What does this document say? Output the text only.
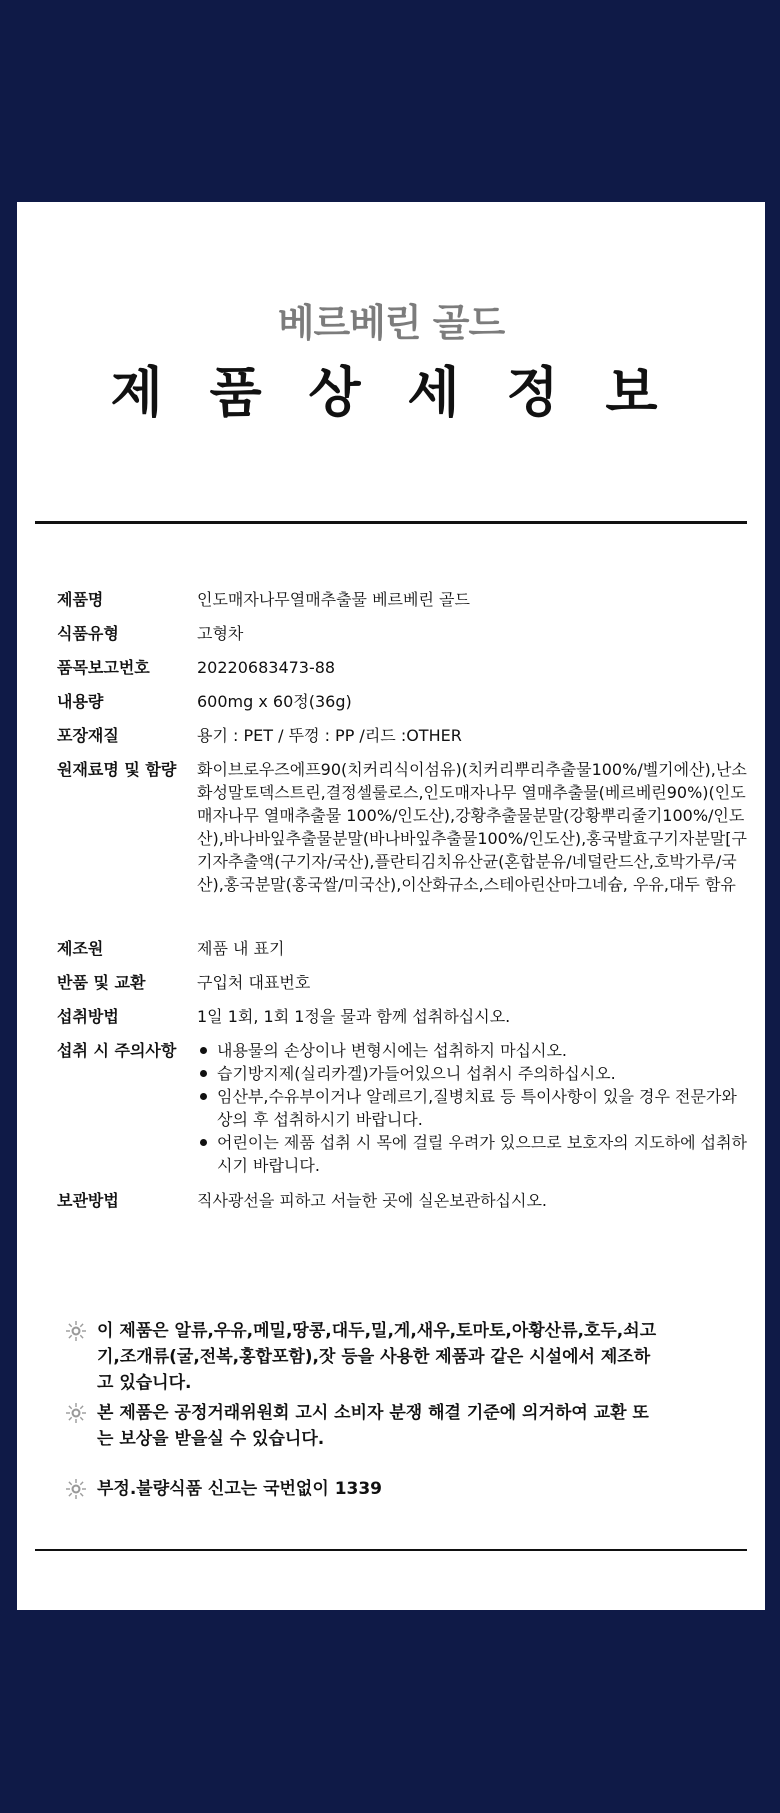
베르베린 골드
제 품 상 세 정 보
제품명	인도매자나무열매추출물 베르베린 골드
식품유형	고형차
품목보고번호	20220683473-88
내용량	600mg x 60정(36g)
포장재질	용기 : PET / 뚜껑 : PP /리드 :OTHER
원재료명 및 함량	화이브로우즈에프90(치커리식이섬유)(치커리뿌리추출물100%/벨기에산),난소화성말토덱스트린,결정셀룰로스,인도매자나무 열매추출물(베르베린90%)(인도매자나무 열매추출물 100%/인도산),강황추출물분말(강황뿌리줄기100%/인도산),바나바잎추출물분말(바나바잎추출물100%/인도산),홍국발효구기자분말[구기자추출액(구기자/국산),플란티김치유산균(혼합분유/네덜란드산,호박가루/국산),홍국분말(홍국쌀/미국산),이산화규소,스테아린산마그네슘, 우유,대두 함유
제조원	제품 내 표기
반품 및 교환	구입처 대표번호
섭취방법	1일 1회, 1회 1정을 물과 함께 섭취하십시오.
섭취 시 주의사항	내용물의 손상이나 변형시에는 섭취하지 마십시오.
습기방지제(실리카겔)가들어있으니 섭취시 주의하십시오.
임산부,수유부이거나 알레르기,질병치료 등 특이사항이 있을 경우 전문가와 상의 후 섭취하시기 바랍니다.
어린이는 제품 섭취 시 목에 걸릴 우려가 있으므로 보호자의 지도하에 섭취하시기 바랍니다.
보관방법	직사광선을 피하고 서늘한 곳에 실온보관하십시오.
이 제품은 알류,우유,메밀,땅콩,대두,밀,게,새우,토마토,아황산류,호두,쇠고기,조개류(굴,전복,홍합포함),잣 등을 사용한 제품과 같은 시설에서 제조하고 있습니다.
본 제품은 공정거래위원회 고시 소비자 분쟁 해결 기준에 의거하여 교환 또는 보상을 받을실 수 있습니다.
부정.불량식품 신고는 국번없이 1339
